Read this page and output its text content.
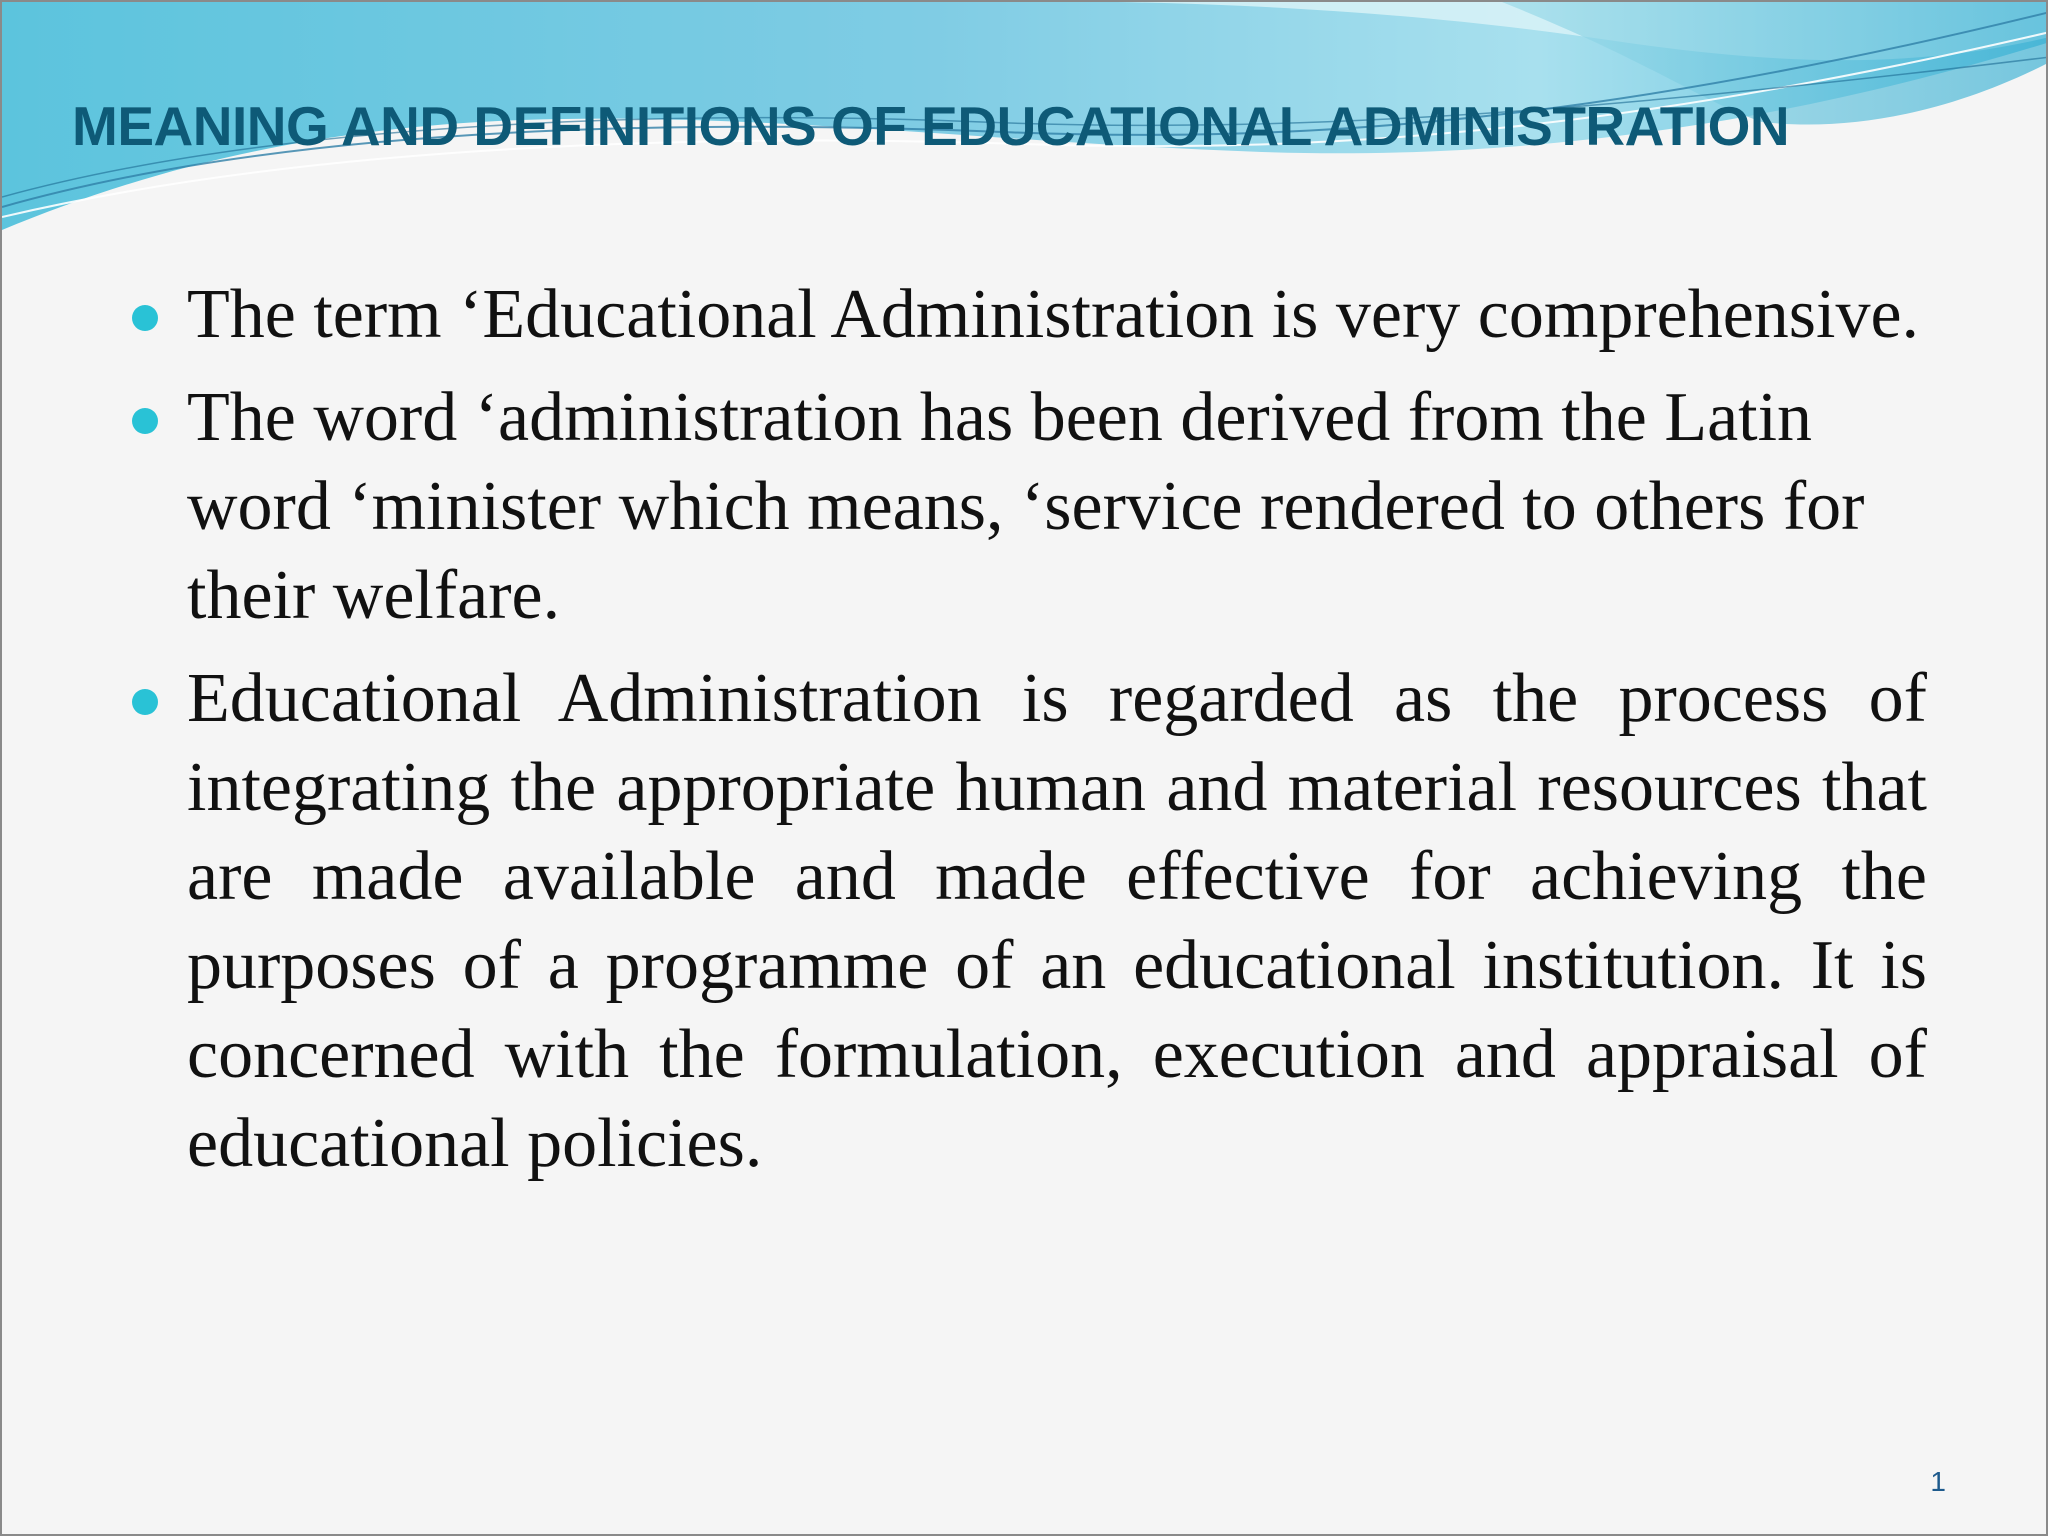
MEANING AND DEFINITIONS OF EDUCATIONAL ADMINISTRATION
The term ‘Educational Administration is very comprehensive.
The word ‘administration has been derived from the Latin word ‘minister which means, ‘service rendered to others for their welfare.
Educational Administration is regarded as the process of integrating the appropriate human and material resources that are made available and made effective for achieving the purposes of a programme of an educational institution. It is concerned with the formulation, execution and appraisal of educational policies.
1
